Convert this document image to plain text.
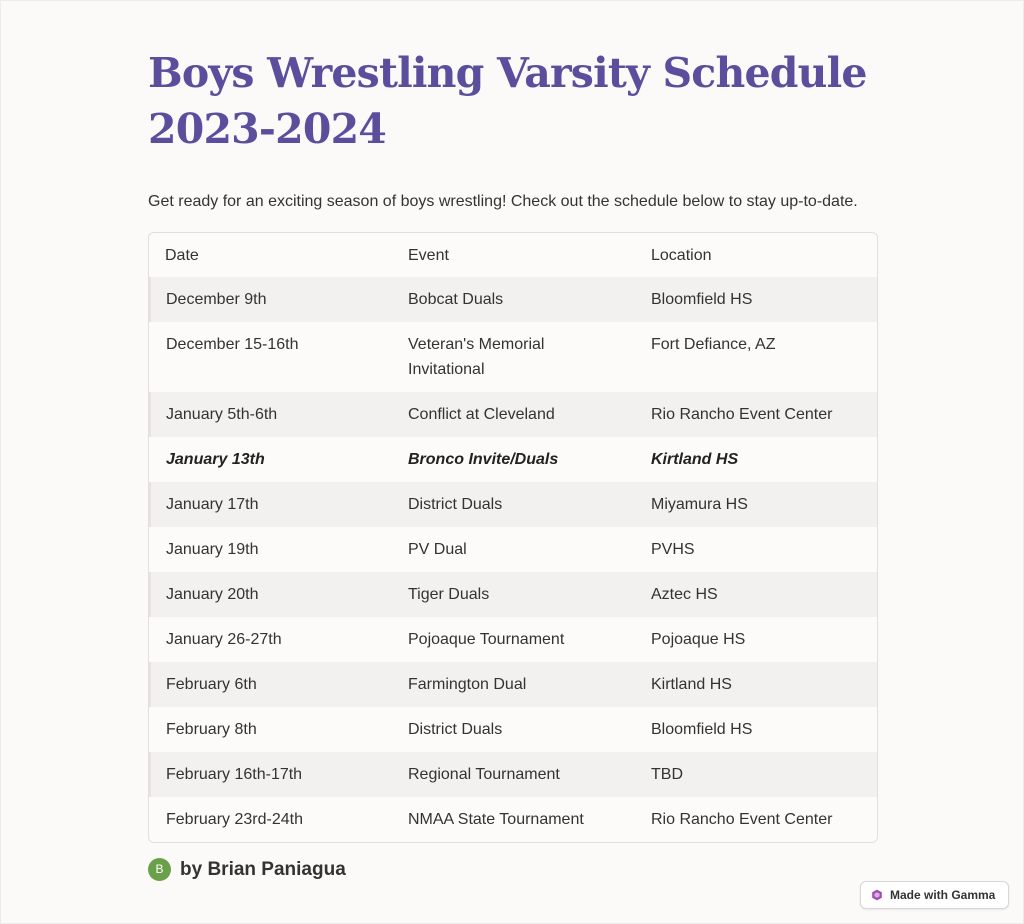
Boys Wrestling Varsity Schedule 2023-2024

Get ready for an exciting season of boys wrestling! Check out the schedule below to stay up-to-date.

Date	Event	Location
December 9th	Bobcat Duals	Bloomfield HS
December 15-16th	Veteran's Memorial Invitational	Fort Defiance, AZ
January 5th-6th	Conflict at Cleveland	Rio Rancho Event Center
January 13th	Bronco Invite/Duals	Kirtland HS
January 17th	District Duals	Miyamura HS
January 19th	PV Dual	PVHS
January 20th	Tiger Duals	Aztec HS
January 26-27th	Pojoaque Tournament	Pojoaque HS
February 6th	Farmington Dual	Kirtland HS
February 8th	District Duals	Bloomfield HS
February 16th-17th	Regional Tournament	TBD
February 23rd-24th	NMAA State Tournament	Rio Rancho Event Center
B by Brian Paniagua
Made with Gamma
